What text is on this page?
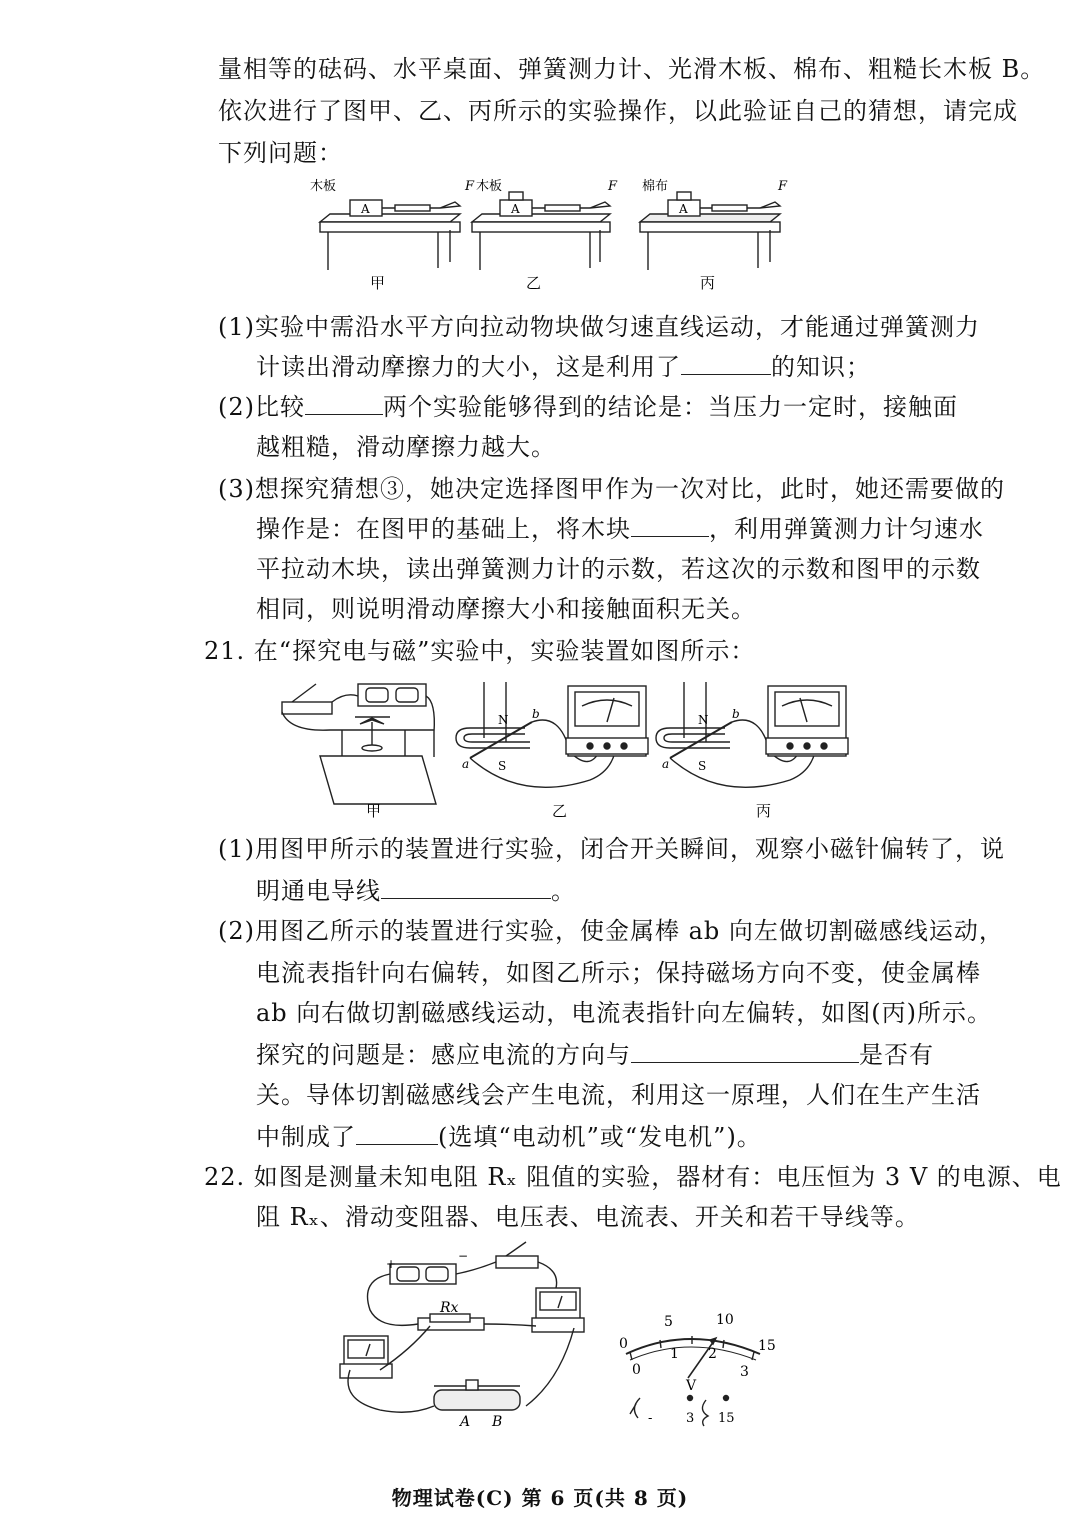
量相等的砝码、水平桌面、弹簧测力计、光滑木板、棉布、粗糙长木板 B。
依次进行了图甲、乙、丙所示的实验操作，以此验证自己的猜想，请完成
下列问题：
A	A	A
木板	F 木板	F 棉布	F
甲	乙	丙
(1)实验中需沿水平方向拉动物块做匀速直线运动，才能通过弹簧测力
计读出滑动摩擦力的大小，这是利用了	的知识；
(2)比较	两个实验能够得到的结论是：当压力一定时，接触面
越粗糙，滑动摩擦力越大。
(3)想探究猜想③，她决定选择图甲作为一次对比，此时，她还需要做的
操作是：在图甲的基础上，将木块	，利用弹簧测力计匀速水
平拉动木块，读出弹簧测力计的示数，若这次的示数和图甲的示数
相同，则说明滑动摩擦大小和接触面积无关。
21. 在“探究电与磁”实验中，实验装置如图所示：
N
S
N
S
b
a
b
a
甲	乙	丙
(1)用图甲所示的装置进行实验，闭合开关瞬间，观察小磁针偏转了，说
明通电导线	。
(2)用图乙所示的装置进行实验，使金属棒 ab 向左做切割磁感线运动，
电流表指针向右偏转，如图乙所示；保持磁场方向不变，使金属棒
ab 向右做切割磁感线运动，电流表指针向左偏转，如图(丙)所示。
探究的问题是：感应电流的方向与	是否有
关。导体切割磁感线会产生电流，利用这一原理，人们在生产生活
中制成了	(选填“电动机”或“发电机”)。
22. 如图是测量未知电阻 Rₓ 阻值的实验，器材有：电压恒为 3 V 的电源、电
阻 Rₓ、滑动变阻器、电压表、电流表、开关和若干导线等。
Rx
A B
+
−
0
5	10
15
0
1 2
3
V
-	3 15
物理试卷(C) 第 6 页(共 8 页)
